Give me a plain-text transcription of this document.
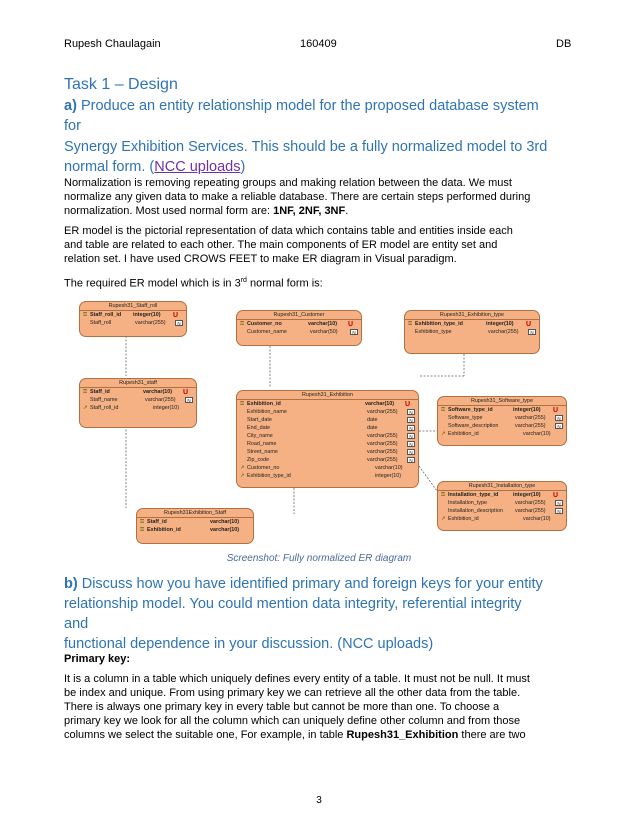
Rupesh Chaulagain	160409	DB
Task 1 – Design
a) Produce an entity relationship model for the proposed database system
for
Synergy Exhibition Services. This should be a fully normalized model to 3rd
normal form. (NCC uploads)
Normalization is removing repeating groups and making relation between the data. We must
normalize any given data to make a reliable database. There are certain steps performed during
normalization. Most used normal form are: 1NF, 2NF, 3NF.
ER model is the pictorial representation of data which contains table and entities inside each
and table are related to each other. The main components of ER model are entity set and
relation set. I have used CROWS FEET to make ER diagram in Visual paradigm.
The required ER model which is in 3rd normal form is:
Rupesh31_Staff_roll
⚿ Staff_roll_id	integer(10)	U
Staff_roll	varchar(255)	N
Rupesh31_Customer
⚿ Customer_no	varchar(10)	U
Customer_name	varchar(50)	N
Rupesh31_Exhibition_type
⚿ Exhibition_type_id	integer(10)	U
Exhibition_type	varchar(255)	N
Rupesh31_staff
⚿ Staff_id	varchar(10)	U
Staff_name	varchar(255)	N
↗ Staff_roll_id	integer(10)
Rupesh31_Exhibition
⚿ Exhibition_id	varchar(10)	U
Exhibition_name	varchar(255)	N
Start_date	date	N
End_date	date	N
City_name	varchar(255)	N
Road_name	varchar(255)	N
Street_name	varchar(255)	N
Zip_code	varchar(255)	N
↗ Customer_no	varchar(10)
↗ Exhibition_type_id	integer(10)
Rupesh31_Software_type
⚿ Software_type_id	integer(10)	U
Software_type	varchar(255)	N
Software_description	varchar(255)	N
↗ Exhibition_id	varchar(10)
Rupesh31_Installation_type
⚿ Installation_type_id	integer(10)	U
Installation_type	varchar(255)	N
Installation_description	varchar(255)	N
↗ Exhibition_id	varchar(10)
Rupesh31Exhibition_Staff
⚿ Staff_id	varchar(10)
⚿ Exhibition_id	varchar(10)
Screenshot: Fully normalized ER diagram
b) Discuss how you have identified primary and foreign keys for your entity
relationship model. You could mention data integrity, referential integrity
and
functional dependence in your discussion. (NCC uploads)
Primary key:
It is a column in a table which uniquely defines every entity of a table. It must not be null. It must
be index and unique. From using primary key we can retrieve all the other data from the table.
There is always one primary key in every table but cannot be more than one. To choose a
primary key we look for all the column which can uniquely define other column and from those
columns we select the suitable one, For example, in table Rupesh31_Exhibition there are two
3
